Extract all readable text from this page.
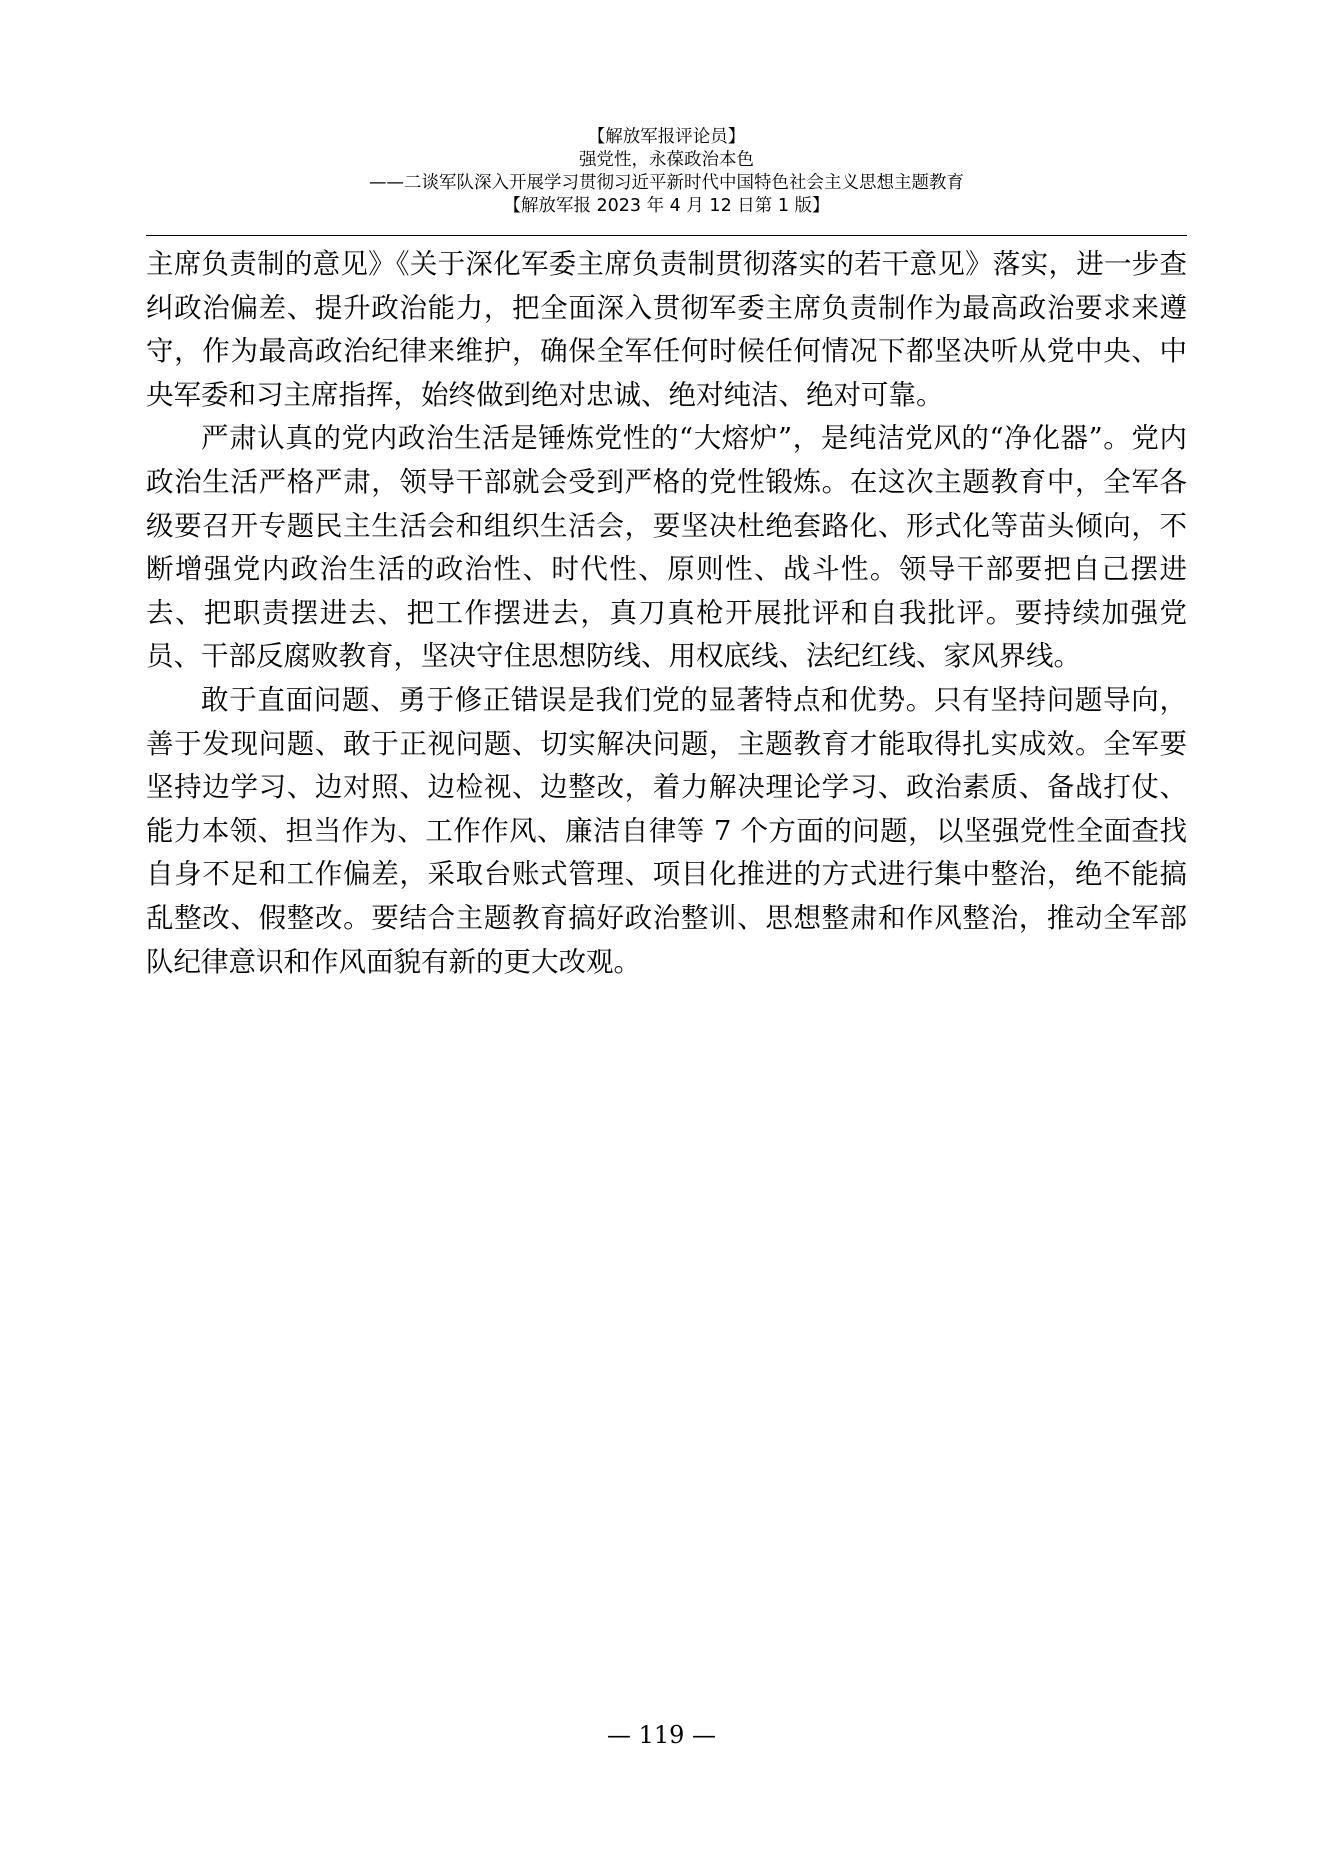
【解放军报评论员】
强党性，永葆政治本色
——二谈军队深入开展学习贯彻习近平新时代中国特色社会主义思想主题教育
【解放军报 2023 年 4 月 12 日第 1 版】

主席负责制的意见》《关于深化军委主席负责制贯彻落实的若干意见》落实，进一步查纠政治偏差、提升政治能力，把全面深入贯彻军委主席负责制作为最高政治要求来遵守，作为最高政治纪律来维护，确保全军任何时候任何情况下都坚决听从党中央、中央军委和习主席指挥，始终做到绝对忠诚、绝对纯洁、绝对可靠。

严肃认真的党内政治生活是锤炼党性的“大熔炉”，是纯洁党风的“净化器”。党内政治生活严格严肃，领导干部就会受到严格的党性锻炼。在这次主题教育中，全军各级要召开专题民主生活会和组织生活会，要坚决杜绝套路化、形式化等苗头倾向，不断增强党内政治生活的政治性、时代性、原则性、战斗性。领导干部要把自己摆进去、把职责摆进去、把工作摆进去，真刀真枪开展批评和自我批评。要持续加强党员、干部反腐败教育，坚决守住思想防线、用权底线、法纪红线、家风界线。

敢于直面问题、勇于修正错误是我们党的显著特点和优势。只有坚持问题导向，善于发现问题、敢于正视问题、切实解决问题，主题教育才能取得扎实成效。全军要坚持边学习、边对照、边检视、边整改，着力解决理论学习、政治素质、备战打仗、能力本领、担当作为、工作作风、廉洁自律等 7 个方面的问题，以坚强党性全面查找自身不足和工作偏差，采取台账式管理、项目化推进的方式进行集中整治，绝不能搞乱整改、假整改。要结合主题教育搞好政治整训、思想整肃和作风整治，推动全军部队纪律意识和作风面貌有新的更大改观。

— 119 —
